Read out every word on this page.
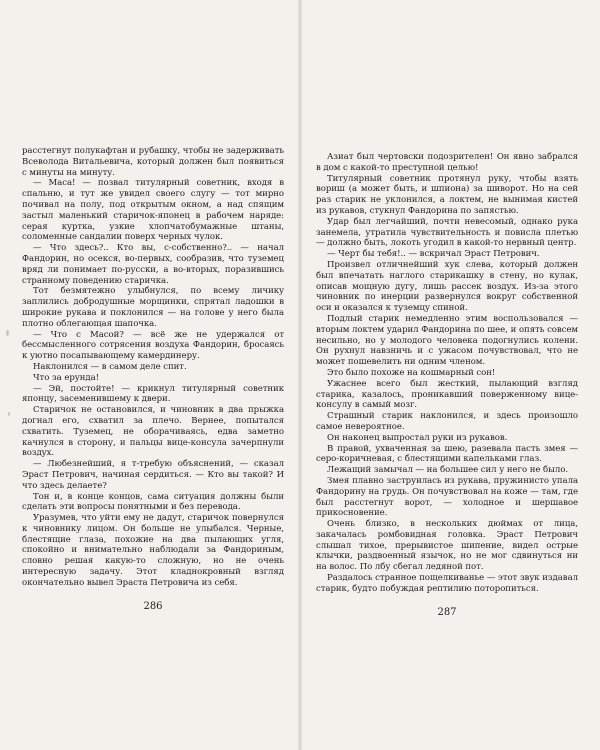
расстегнут полукафтан и рубашку, чтобы не задерживать Всеволода Витальевича, который должен был появиться с минуты на минуту.

— Маса! — позвал титулярный советник, входя в спальню, и тут же увидел своего слугу — тот мирно почивал на полу, под открытым окном, а над спящим застыл маленький старичок-японец в рабочем наряде: серая куртка, узкие хлопчатобумажные штаны, соломенные сандалии поверх черных чулок.

— Что здесь?.. Кто вы, с-собственно?.. — начал Фандорин, но осекся, во-первых, сообразив, что туземец вряд ли понимает по-русски, а во-вторых, поразившись странному поведению старичка.

Тот безмятежно улыбнулся, по всему личику заплились добродушные морщинки, спрятал ладошки в широкие рукава и поклонился — на голове у него была плотно облегающая шапочка.

— Что с Масой? — всё же не удержался от бессмысленного сотрясения воздуха Фандорин, бросаясь к уютно посапывающему камердинеру.

Наклонился — в самом деле спит.

Что за ерунда!

— Эй, постойте! — крикнул титулярный советник японцу, засеменившему к двери.

Старичок не остановился, и чиновник в два прыжка догнал его, схватил за плечо. Вернее, попытался схватить. Туземец, не оборачиваясь, едва заметно качнулся в сторону, и пальцы вице-консула зачерпнули воздух.

— Любезнейший, я т-требую объяснений, — сказал Эраст Петрович, начиная сердиться. — Кто вы такой? И что здесь делаете?

Тон и, в конце концов, сама ситуация должны были сделать эти вопросы понятными и без перевода.

Уразумев, что уйти ему не дадут, старичок повернулся к чиновнику лицом. Он больше не улыбался. Черные, блестящие глаза, похожие на два пылающих угля, спокойно и внимательно наблюдали за Фандориным, словно решая какую-то сложную, но не очень интересную задачу. Этот кладнокровный взгляд окончательно вывел Эраста Петровича из себя.

286

Азиат был чертовски подозрителен! Он явно забрался в дом с какой-то преступной целью!

Титулярный советник протянул руку, чтобы взять вориш (а может быть, и шпиона) за шиворот. Но на сей раз старик не уклонился, а локтем, не вынимая кистей из рукавов, стукнул Фандорина по запястью.

Удар был легчайший, почти невесомый, однако рука занемела, утратила чувствительность и повисла плетью — должно быть, локоть угодил в какой-то нервный центр.

— Черт бы тебя!.. — вскричал Эраст Петрович.

Произвел отличнейший хук слева, который должен был впечатать наглого старикашку в стену, но кулак, описав мощную дугу, лишь рассек воздух. Из-за этого чиновник по инерции развернулся вокруг собственной оси и оказался к туземцу спиной.

Подлый старик немедленно этим воспользовался — вторым локтем ударил Фандорина по шее, и опять совсем несильно, но у молодого человека подогнулись колени. Он рухнул навзничь и с ужасом почувствовал, что не может пошевелить ни одним членом.

Это было похоже на кошмарный сон!

Ужаснее всего был жесткий, пылающий взгляд старика, казалось, проникавший поверженному вице-консулу в самый мозг.

Страшный старик наклонился, и здесь произошло самое невероятное.

Он наконец выпростал руки из рукавов.

В правой, ухваченная за шею, разевала пасть змея — серо-коричневая, с блестящими капельками глаз.

Лежащий замычал — на большее сил у него не было.

Змея плавно заструилась из рукава, пружинисто упала Фандорину на грудь. Он почувствовал на коже — там, где был расстегнут ворот, — холодное и шершавое прикосновение.

Очень близко, в нескольких дюймах от лица, закачалась ромбовидная головка. Эраст Петрович слышал тихое, прерывистое шипение, видел острые клычки, раздвоенный язычок, но не мог сдвинуться ни на волос. По лбу сбегал ледяной пот.

Раздалось странное пощелкиванье — этот звук издавал старик, будто побуждая рептилию поторопиться.

287
